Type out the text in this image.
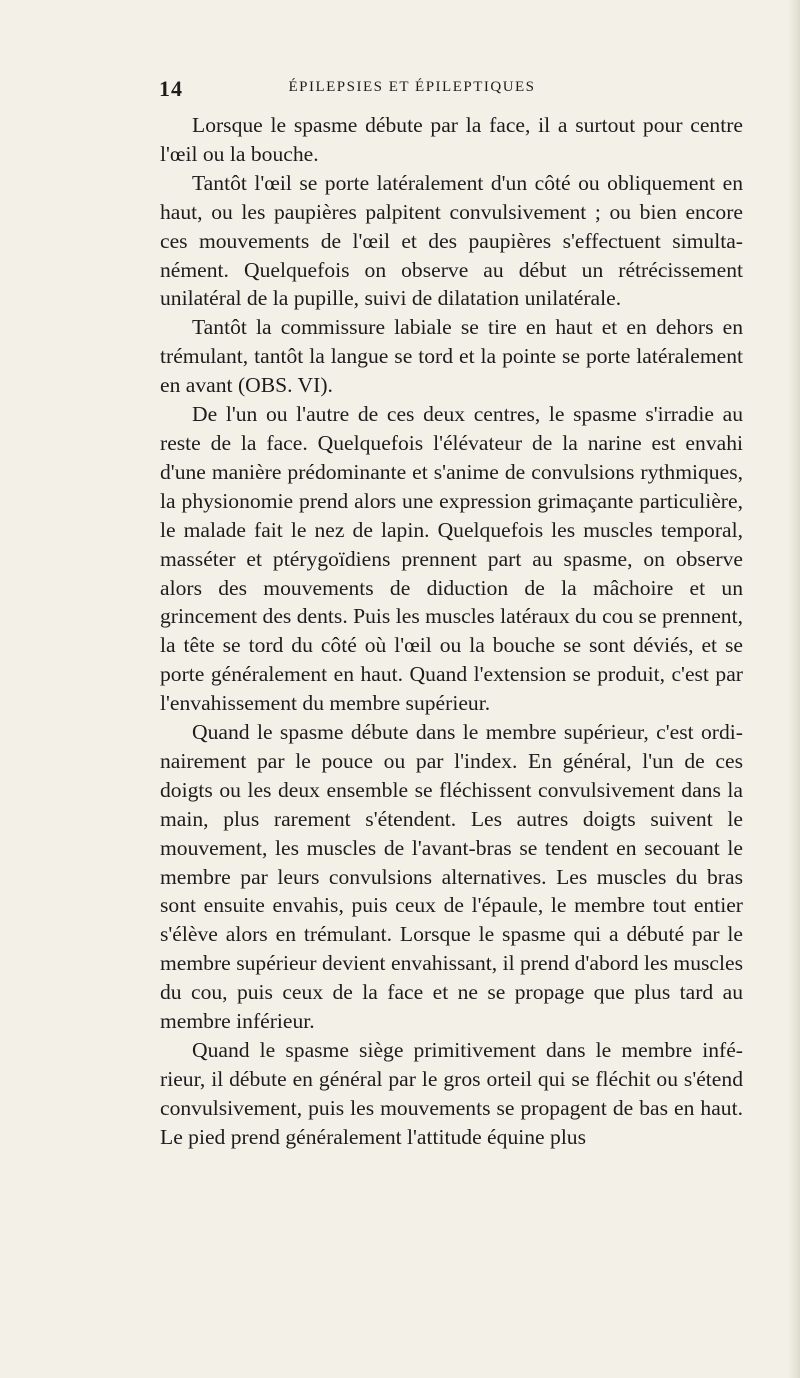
14	ÉPILEPSIES ET ÉPILEPTIQUES

Lorsque le spasme débute par la face, il a surtout pour centre l'œil ou la bouche.

Tantôt l'œil se porte latéralement d'un côté ou obliquement en haut, ou les paupières palpitent convulsivement ; ou bien encore ces mouvements de l'œil et des paupières s'effectuent simultanément. Quelquefois on observe au début un rétrécissement unilatéral de la pupille, suivi de dilatation unilatérale.

Tantôt la commissure labiale se tire en haut et en dehors en trémulant, tantôt la langue se tord et la pointe se porte latéralement en avant (OBS. VI).

De l'un ou l'autre de ces deux centres, le spasme s'irradie au reste de la face. Quelquefois l'élévateur de la narine est envahi d'une manière prédominante et s'anime de convulsions rythmiques, la physionomie prend alors une expression grimaçante particulière, le malade fait le nez de lapin. Quelquefois les muscles temporal, masséter et ptérygoïdiens prennent part au spasme, on observe alors des mouvements de diduction de la mâchoire et un grincement des dents. Puis les muscles latéraux du cou se prennent, la tête se tord du côté où l'œil ou la bouche se sont déviés, et se porte généralement en haut. Quand l'extension se produit, c'est par l'envahissement du membre supérieur.

Quand le spasme débute dans le membre supérieur, c'est ordinairement par le pouce ou par l'index. En général, l'un de ces doigts ou les deux ensemble se fléchissent convulsivement dans la main, plus rarement s'étendent. Les autres doigts suivent le mouvement, les muscles de l'avant-bras se tendent en secouant le membre par leurs convulsions alternatives. Les muscles du bras sont ensuite envahis, puis ceux de l'épaule, le membre tout entier s'élève alors en trémulant. Lorsque le spasme qui a débuté par le membre supérieur devient envahissant, il prend d'abord les muscles du cou, puis ceux de la face et ne se propage que plus tard au membre inférieur.

Quand le spasme siège primitivement dans le membre inférieur, il débute en général par le gros orteil qui se fléchit ou s'étend convulsivement, puis les mouvements se propagent de bas en haut. Le pied prend généralement l'attitude équine plus
